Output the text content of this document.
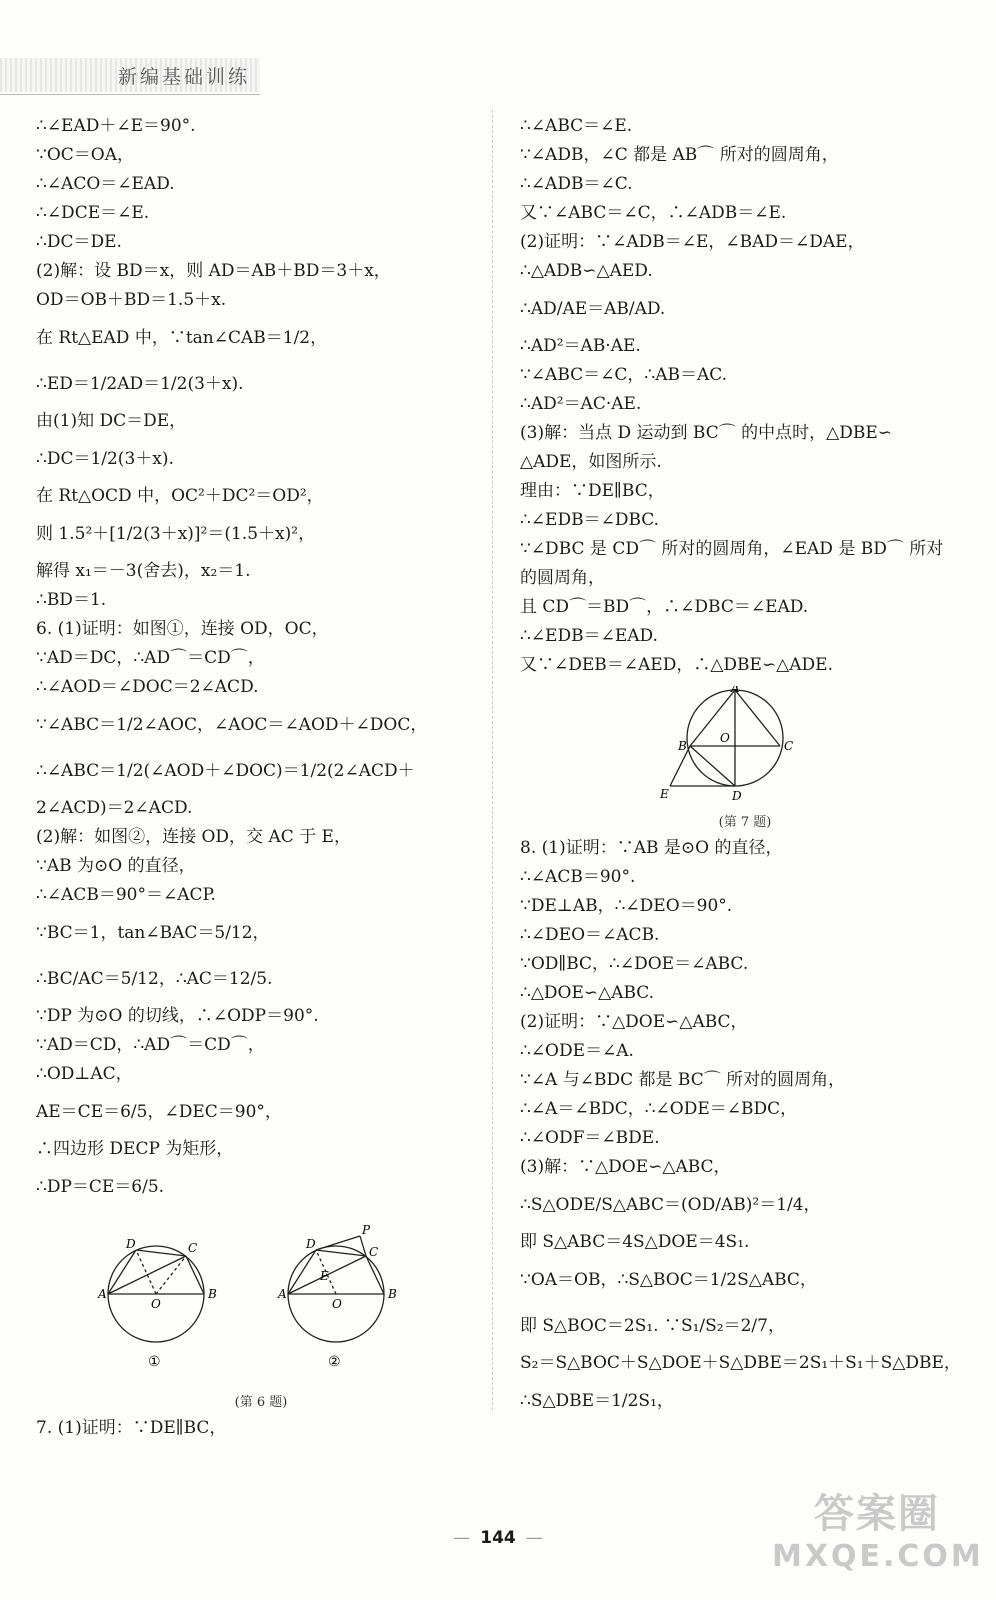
新编基础训练
∴∠EAD＋∠E＝90°.
∵OC＝OA，
∴∠ACO＝∠EAD.
∴∠DCE＝∠E.
∴DC＝DE.
(2)解：设 BD＝x，则 AD＝AB＋BD＝3＋x，
OD＝OB＋BD＝1.5＋x.
在 Rt△EAD 中，∵tan∠CAB＝1/2，
∴ED＝1/2AD＝1/2(3＋x).
由(1)知 DC＝DE，
∴DC＝1/2(3＋x).
在 Rt△OCD 中，OC²＋DC²＝OD²，
则 1.5²＋[1/2(3＋x)]²＝(1.5＋x)²，
解得 x₁＝－3(舍去)，x₂＝1.
∴BD＝1.
6. (1)证明：如图①，连接 OD，OC，
∵AD＝DC，∴AD⌒＝CD⌒，
∴∠AOD＝∠DOC＝2∠ACD.
∵∠ABC＝1/2∠AOC，∠AOC＝∠AOD＋∠DOC，
∴∠ABC＝1/2(∠AOD＋∠DOC)＝1/2(2∠ACD＋
2∠ACD)＝2∠ACD.
(2)解：如图②，连接 OD，交 AC 于 E，
∵AB 为⊙O 的直径，
∴∠ACB＝90°＝∠ACP.
∵BC＝1，tan∠BAC＝5/12，
∴BC/AC＝5/12，∴AC＝12/5.
∵DP 为⊙O 的切线，∴∠ODP＝90°.
∵AD＝CD，∴AD⌒＝CD⌒，
∴OD⊥AC，
AE＝CE＝6/5，∠DEC＝90°，
∴四边形 DECP 为矩形，
∴DP＝CE＝6/5.
A	B
C
D
O
①
A	B
C
D
O
P
E
②
(第 6 题)
7. (1)证明：∵DE∥BC，
∴∠ABC＝∠E.
∵∠ADB，∠C 都是 AB⌒ 所对的圆周角，
∴∠ADB＝∠C.
又∵∠ABC＝∠C，∴∠ADB＝∠E.
(2)证明：∵∠ADB＝∠E，∠BAD＝∠DAE，
∴△ADB∽△AED.
∴AD/AE＝AB/AD.
∴AD²＝AB·AE.
∵∠ABC＝∠C，∴AB＝AC.
∴AD²＝AC·AE.
(3)解：当点 D 运动到 BC⌒ 的中点时，△DBE∽
△ADE，如图所示.
理由：∵DE∥BC，
∴∠EDB＝∠DBC.
∵∠DBC 是 CD⌒ 所对的圆周角，∠EAD 是 BD⌒ 所对
的圆周角，
且 CD⌒＝BD⌒，∴∠DBC＝∠EAD.
∴∠EDB＝∠EAD.
又∵∠DEB＝∠AED，∴△DBE∽△ADE.
A
B	C
D
E
O
(第 7 题)
8. (1)证明：∵AB 是⊙O 的直径，
∴∠ACB＝90°.
∵DE⊥AB，∴∠DEO＝90°.
∴∠DEO＝∠ACB.
∵OD∥BC，∴∠DOE＝∠ABC.
∴△DOE∽△ABC.
(2)证明：∵△DOE∽△ABC，
∴∠ODE＝∠A.
∵∠A 与∠BDC 都是 BC⌒ 所对的圆周角，
∴∠A＝∠BDC，∴∠ODE＝∠BDC，
∴∠ODF＝∠BDE.
(3)解：∵△DOE∽△ABC，
∴S△ODE/S△ABC＝(OD/AB)²＝1/4，
即 S△ABC＝4S△DOE＝4S₁.
∵OA＝OB，∴S△BOC＝1/2S△ABC，
即 S△BOC＝2S₁. ∵S₁/S₂＝2/7，
S₂＝S△BOC＋S△DOE＋S△DBE＝2S₁＋S₁＋S△DBE，
∴S△DBE＝1/2S₁，
— 144 —
答案圈
MXQE.COM
